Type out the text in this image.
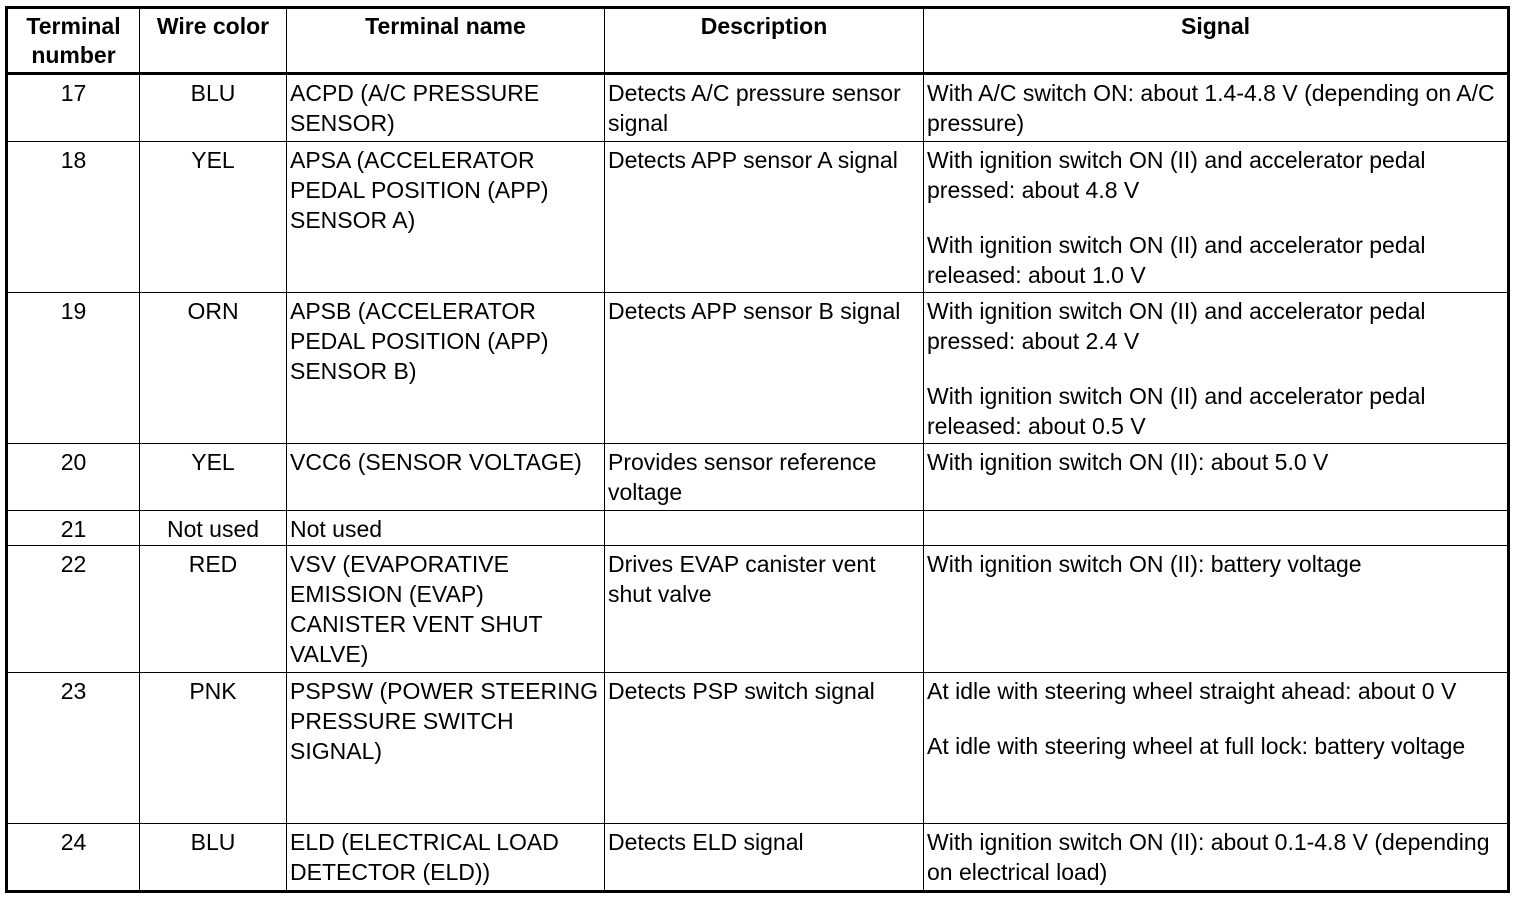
Terminal
number	Wire color	Terminal name	Description	Signal
17	BLU	ACPD (A/C PRESSURE SENSOR)	Detects A/C pressure sensor signal	With A/C switch ON: about 1.4-4.8 V (depending on A/C pressure)

18	YEL	APSA (ACCELERATOR PEDAL POSITION (APP) SENSOR A)	Detects APP sensor A signal	With ignition switch ON (II) and accelerator pedal pressed: about 4.8 V
With ignition switch ON (II) and accelerator pedal released: about 1.0 V

19	ORN	APSB (ACCELERATOR PEDAL POSITION (APP) SENSOR B)	Detects APP sensor B signal	With ignition switch ON (II) and accelerator pedal pressed: about 2.4 V
With ignition switch ON (II) and accelerator pedal released: about 0.5 V

20	YEL	VCC6 (SENSOR VOLTAGE)	Provides sensor reference voltage	With ignition switch ON (II): about 5.0 V

21	Not used	Not used		

22	RED	VSV (EVAPORATIVE EMISSION (EVAP) CANISTER VENT SHUT VALVE)	Drives EVAP canister vent shut valve	With ignition switch ON (II): battery voltage

23	PNK	PSPSW (POWER STEERING PRESSURE SWITCH SIGNAL)	Detects PSP switch signal	At idle with steering wheel straight ahead: about 0 V
At idle with steering wheel at full lock: battery voltage

24	BLU	ELD (ELECTRICAL LOAD DETECTOR (ELD))	Detects ELD signal	With ignition switch ON (II): about 0.1-4.8 V (depending on electrical load)
